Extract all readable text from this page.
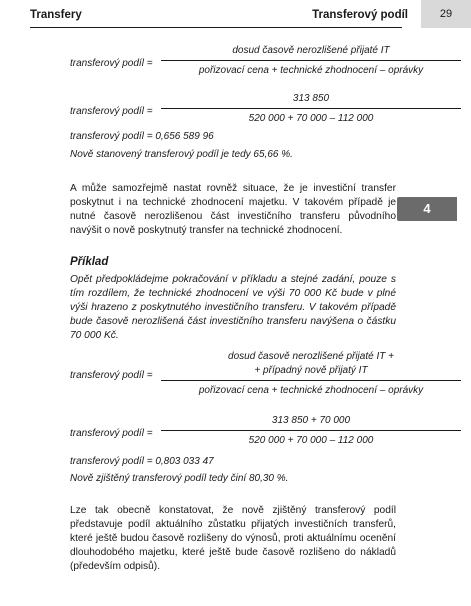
Transfery	Transferový podíl	29
4
transferový podíl =
dosud časově nerozlišené přijaté IT
pořizovací cena + technické zhodnocení – oprávky
transferový podíl =
313 850
520 000 + 70 000 – 112 000
transferový podíl = 0,656 589 96
Nově stanovený transferový podíl je tedy 65,66 %.
A může samozřejmě nastat rovněž situace, že je investiční transfer poskytnut i na technické zhodnocení majetku. V takovém případě je nutné časově nerozlišenou část investičního transferu původního navýšit o nově poskytnutý transfer na technické zhodnocení.
Příklad
Opět předpokládejme pokračování v příkladu a stejné zadání, pouze s tím rozdílem, že technické zhodnocení ve výši 70 000 Kč bude v plné výši hrazeno z poskytnutého investičního transferu. V takovém případě bude časově nerozlišená část investičního transferu navýšena o částku 70 000 Kč.
transferový podíl =
dosud časově nerozlišené přijaté IT +
+ případný nově přijatý IT
pořizovací cena + technické zhodnocení – oprávky
transferový podíl =
313 850 + 70 000
520 000 + 70 000 – 112 000
transferový podíl = 0,803 033 47
Nově zjištěný transferový podíl tedy činí 80,30 %.
Lze tak obecně konstatovat, že nově zjištěný transferový podíl představuje podíl aktuálního zůstatku přijatých investičních transferů, které ještě budou časově rozlišeny do výnosů, proti aktuálnímu ocenění dlouhodobého majetku, které ještě bude časově rozlišeno do nákladů (především odpisů).
